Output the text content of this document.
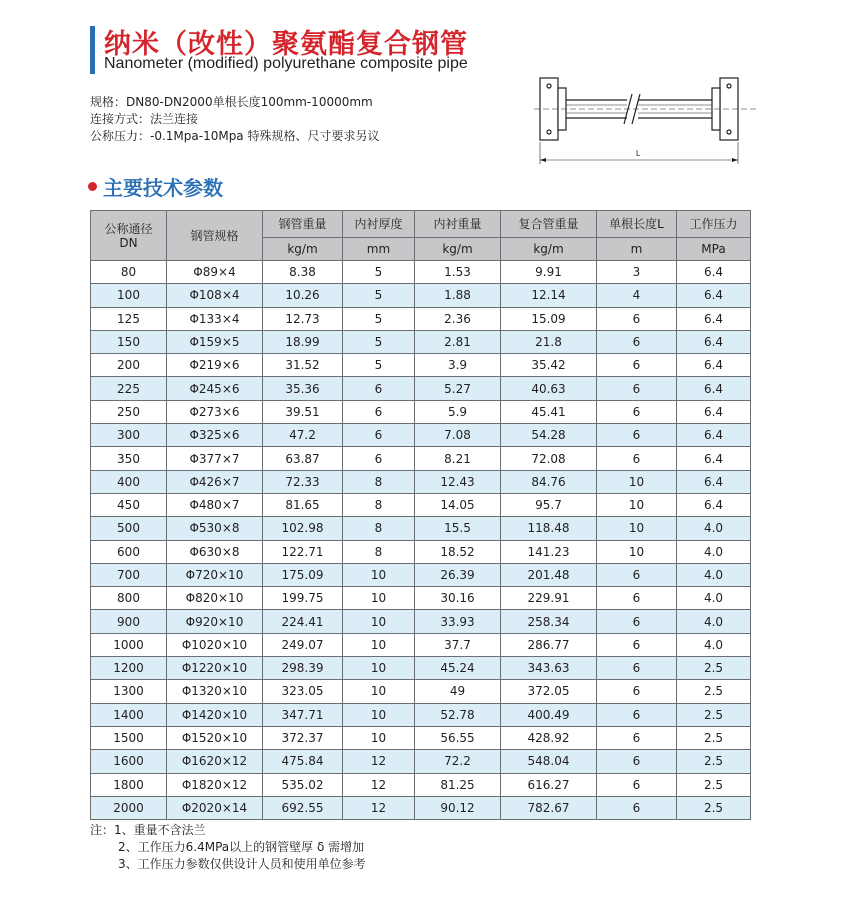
纳米（改性）聚氨酯复合钢管
Nanometer (modified) polyurethane composite pipe
规格：DN80-DN2000单根长度100mm-10000mm
连接方式：法兰连接
公称压力：-0.1Mpa-10Mpa 特殊规格、尺寸要求另议
L
主要技术参数
公称通径
DN	钢管规格	钢管重量	内衬厚度	内衬重量	复合管重量	单根长度L	工作压力
		kg/m	mm	kg/m	kg/m	m	MPa
80	Φ89×4	8.38	5	1.53	9.91	3	6.4
100	Φ108×4	10.26	5	1.88	12.14	4	6.4
125	Φ133×4	12.73	5	2.36	15.09	6	6.4
150	Φ159×5	18.99	5	2.81	21.8	6	6.4
200	Φ219×6	31.52	5	3.9	35.42	6	6.4
225	Φ245×6	35.36	6	5.27	40.63	6	6.4
250	Φ273×6	39.51	6	5.9	45.41	6	6.4
300	Φ325×6	47.2	6	7.08	54.28	6	6.4
350	Φ377×7	63.87	6	8.21	72.08	6	6.4
400	Φ426×7	72.33	8	12.43	84.76	10	6.4
450	Φ480×7	81.65	8	14.05	95.7	10	6.4
500	Φ530×8	102.98	8	15.5	118.48	10	4.0
600	Φ630×8	122.71	8	18.52	141.23	10	4.0
700	Φ720×10	175.09	10	26.39	201.48	6	4.0
800	Φ820×10	199.75	10	30.16	229.91	6	4.0
900	Φ920×10	224.41	10	33.93	258.34	6	4.0
1000	Φ1020×10	249.07	10	37.7	286.77	6	4.0
1200	Φ1220×10	298.39	10	45.24	343.63	6	2.5
1300	Φ1320×10	323.05	10	49	372.05	6	2.5
1400	Φ1420×10	347.71	10	52.78	400.49	6	2.5
1500	Φ1520×10	372.37	10	56.55	428.92	6	2.5
1600	Φ1620×12	475.84	12	72.2	548.04	6	2.5
1800	Φ1820×12	535.02	12	81.25	616.27	6	2.5
2000	Φ2020×14	692.55	12	90.12	782.67	6	2.5
注：1、重量不含法兰
2、工作压力6.4MPa以上的钢管壁厚 δ 需增加
3、工作压力参数仅供设计人员和使用单位参考
